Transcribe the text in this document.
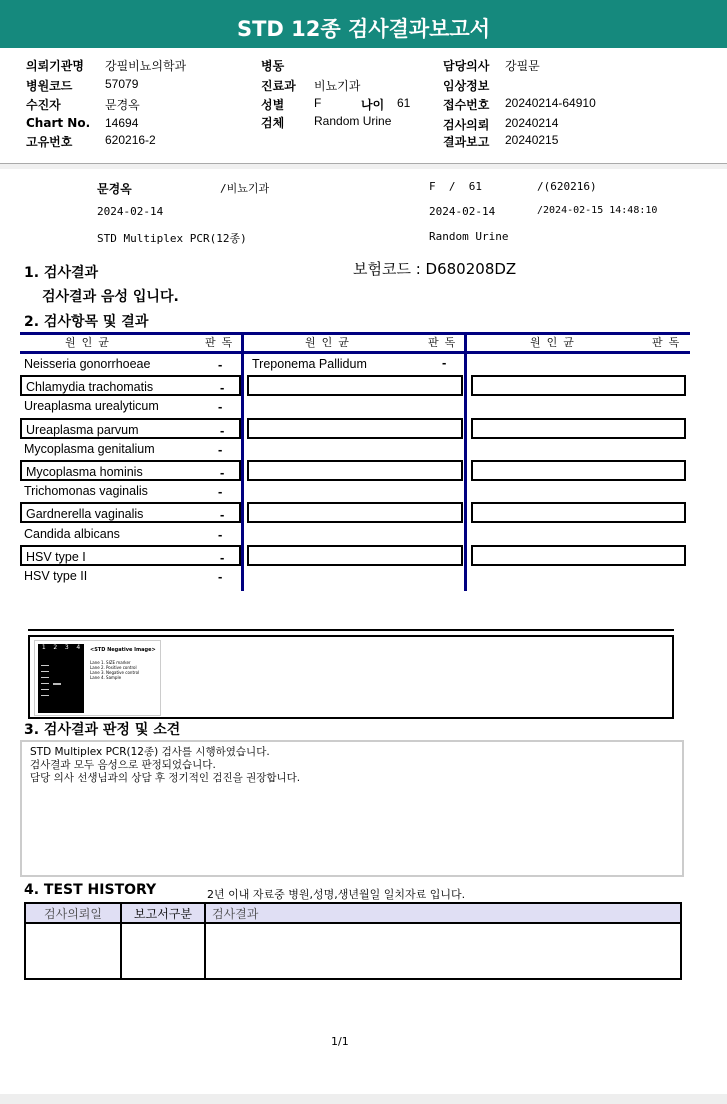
STD 12종 검사결과보고서
의뢰기관명 강필비뇨의학과
병원코드	57079
수진자	문경옥
Chart No. 14694
고유번호	620216-2
병동
진료과 비뇨기과
성별 F
검체 Random Urine
나이 61
담당의사 강필문
임상정보
접수번호 20240214-64910
검사의뢰 20240214
결과보고 20240215
문경옥	/비뇨기과	F  /  61	/(620216)
2024-02-14	2024-02-14	/2024-02-15 14:48:10
STD Multiplex PCR(12종)	Random Urine
1. 검사결과	보험코드 : D680208DZ
검사결과 음성 입니다.
2. 검사항목 및 결과
원인균	판독	원인균	판독	원인균	판독
Neisseria gonorrhoeae	-
Chlamydia trachomatis	-
Ureaplasma urealyticum	-
Ureaplasma parvum	-
Mycoplasma genitalium	-
Mycoplasma hominis	-
Trichomonas vaginalis	-
Gardnerella vaginalis	-
Candida albicans	-
HSV type I	-
HSV type II	-
Treponema Pallidum	-
1 2 3 4 <STD Negative Image>
Lane 1. SIZE marker
Lane 2. Positive control
Lane 3. Negative control
Lane 4. Sample
3. 검사결과 판정 및 소견
STD Multiplex PCR(12종) 검사를 시행하였습니다.
검사결과 모두 음성으로 판정되었습니다.
담당 의사 선생님과의 상담 후 정기적인 검진을 권장합니다.
4. TEST HISTORY	2년 이내 자료중 병원,성명,생년월일 일치자료 입니다.
검사의뢰일	보고서구분	검사결과

1/1
